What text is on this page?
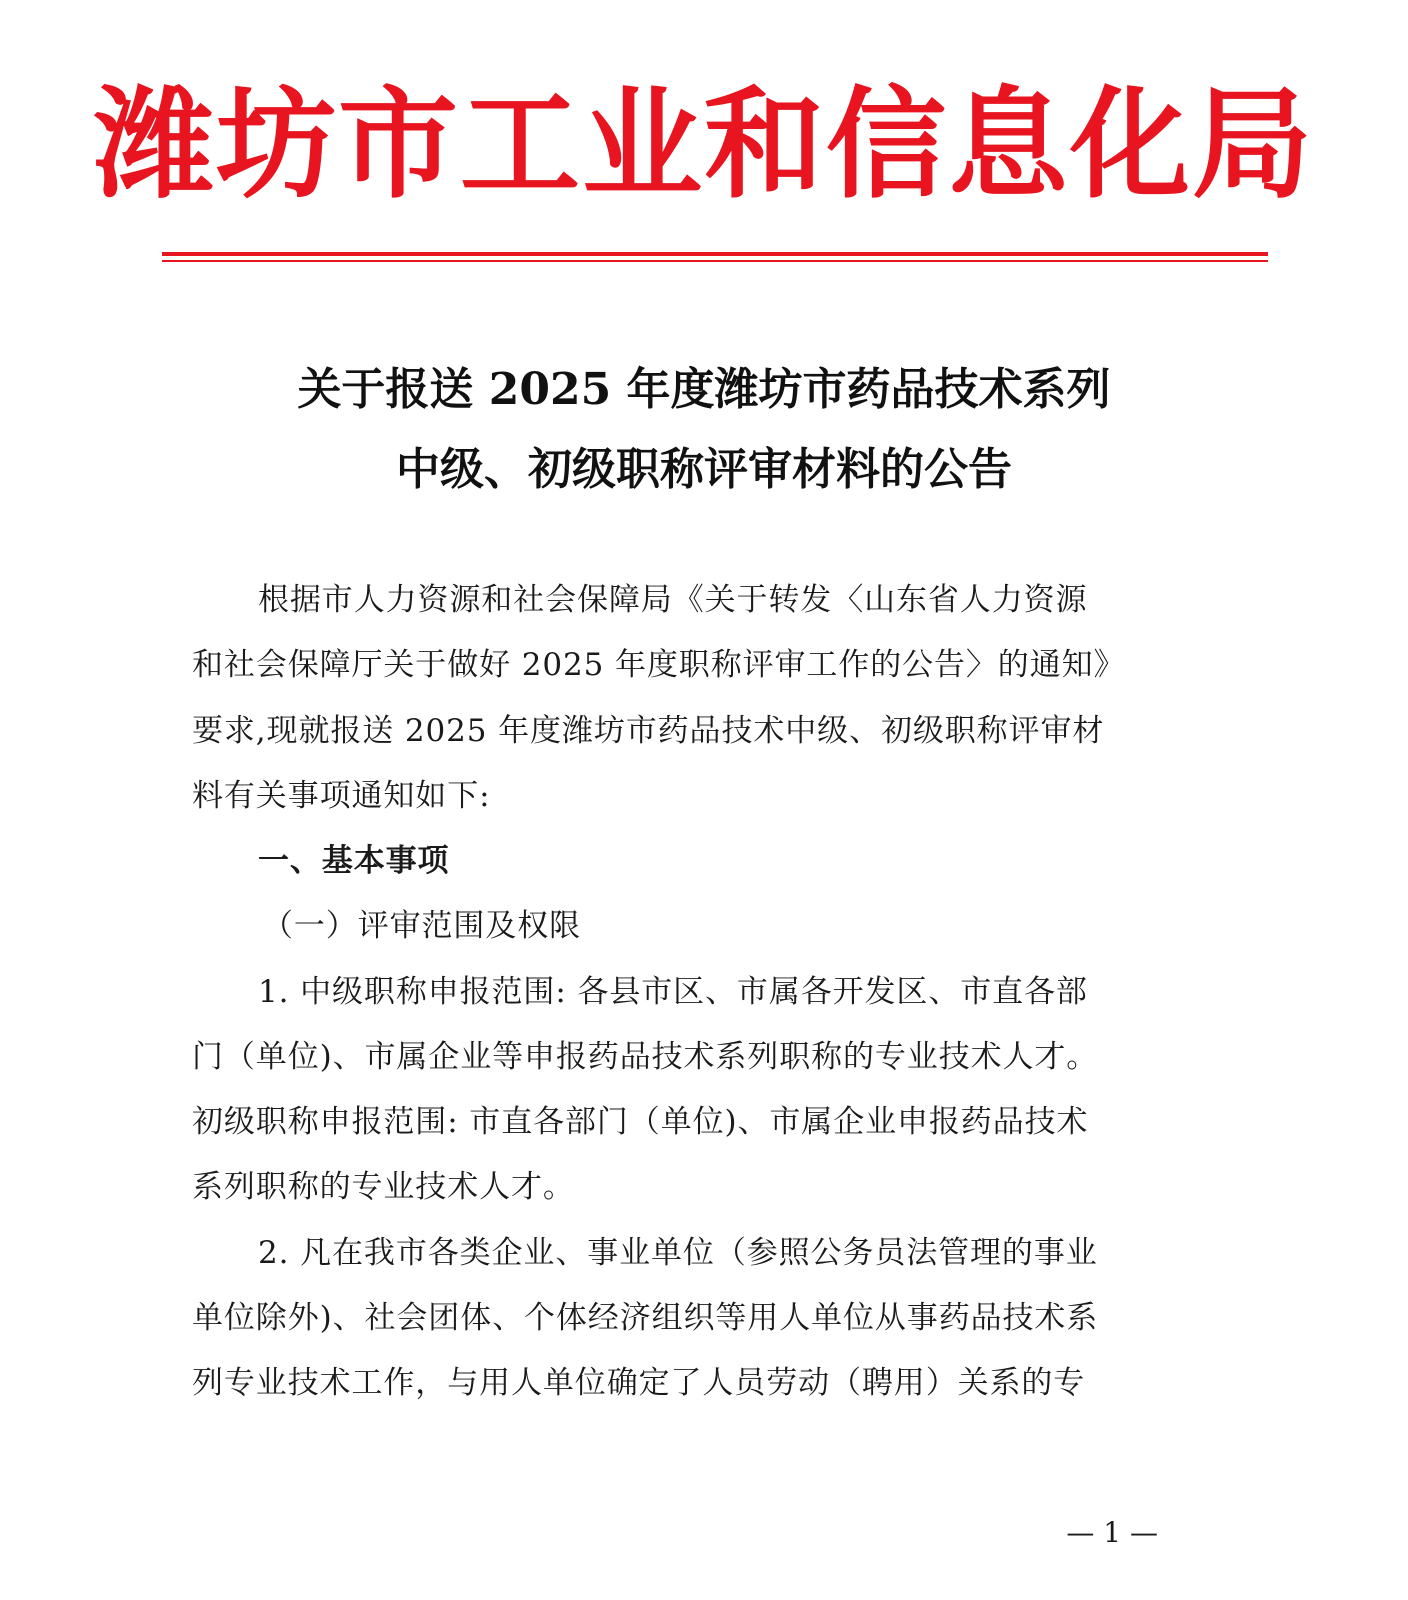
潍坊市工业和信息化局
关于报送 2025 年度潍坊市药品技术系列
中级、初级职称评审材料的公告
根据市人力资源和社会保障局《关于转发〈山东省人力资源
和社会保障厅关于做好 2025 年度职称评审工作的公告〉的通知》
要求,现就报送 2025 年度潍坊市药品技术中级、初级职称评审材
料有关事项通知如下:
一、基本事项
（一）评审范围及权限
1. 中级职称申报范围: 各县市区、市属各开发区、市直各部
门（单位)、市属企业等申报药品技术系列职称的专业技术人才。
初级职称申报范围: 市直各部门（单位)、市属企业申报药品技术
系列职称的专业技术人才。
2. 凡在我市各类企业、事业单位（参照公务员法管理的事业
单位除外)、社会团体、个体经济组织等用人单位从事药品技术系
列专业技术工作，与用人单位确定了人员劳动（聘用）关系的专
— 1 —
